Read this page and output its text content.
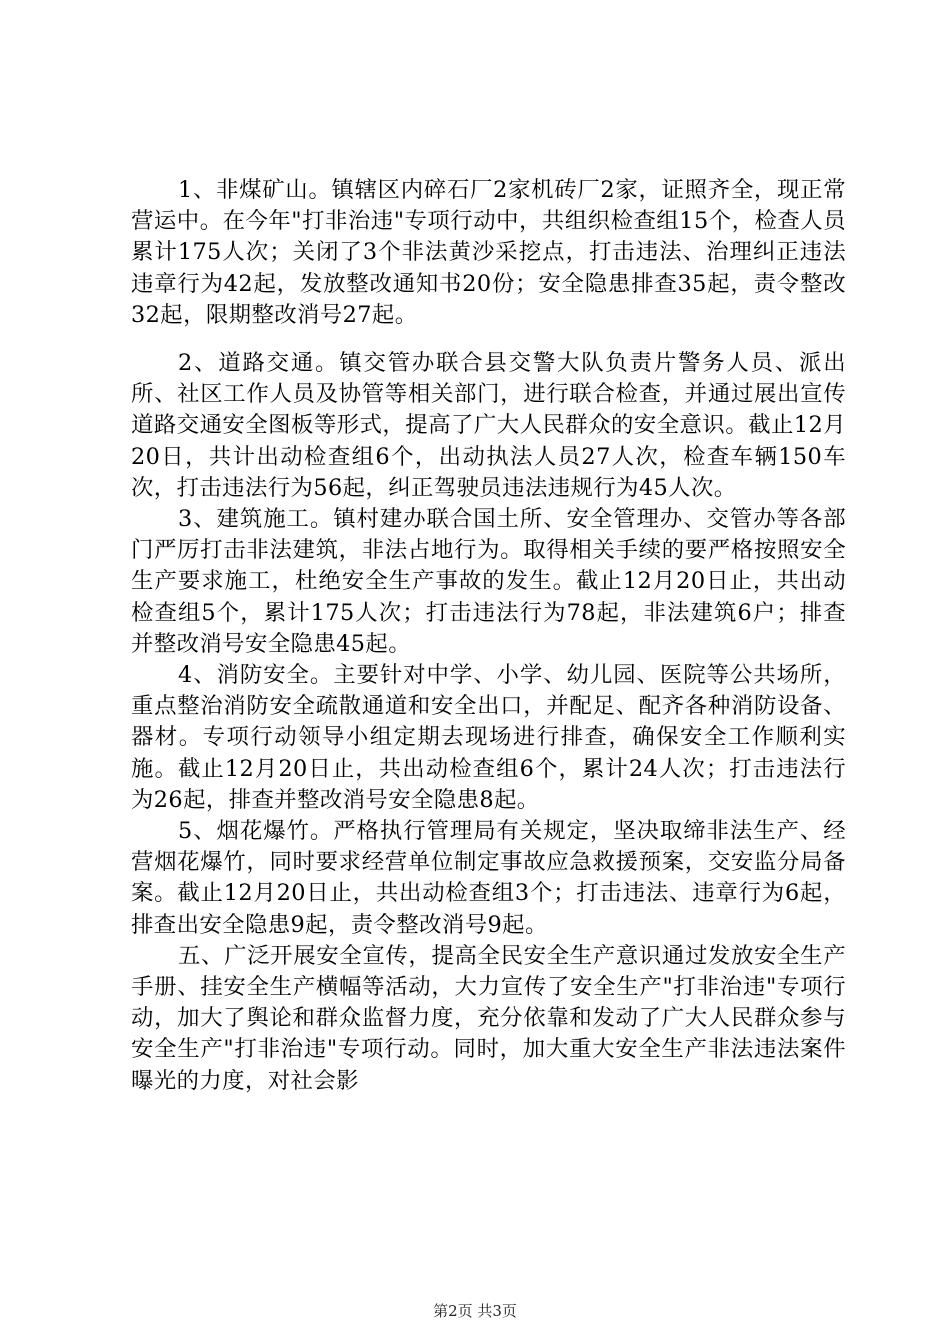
1、非煤矿山。镇辖区内碎石厂2家机砖厂2家，证照齐全，现正常营运中。在今年"打非治违"专项行动中，共组织检查组15个，检查人员累计175人次；关闭了3个非法黄沙采挖点，打击违法、治理纠正违法违章行为42起，发放整改通知书20份；安全隐患排查35起，责令整改32起，限期整改消号27起。

2、道路交通。镇交管办联合县交警大队负责片警务人员、派出所、社区工作人员及协管等相关部门，进行联合检查，并通过展出宣传道路交通安全图板等形式，提高了广大人民群众的安全意识。截止12月20日，共计出动检查组6个，出动执法人员27人次，检查车辆150车次，打击违法行为56起，纠正驾驶员违法违规行为45人次。

3、建筑施工。镇村建办联合国土所、安全管理办、交管办等各部门严厉打击非法建筑，非法占地行为。取得相关手续的要严格按照安全生产要求施工，杜绝安全生产事故的发生。截止12月20日止，共出动检查组5个，累计175人次；打击违法行为78起，非法建筑6户；排查并整改消号安全隐患45起。

4、消防安全。主要针对中学、小学、幼儿园、医院等公共场所，重点整治消防安全疏散通道和安全出口，并配足、配齐各种消防设备、器材。专项行动领导小组定期去现场进行排查，确保安全工作顺利实施。截止12月20日止，共出动检查组6个，累计24人次；打击违法行为26起，排查并整改消号安全隐患8起。

5、烟花爆竹。严格执行管理局有关规定，坚决取缔非法生产、经营烟花爆竹，同时要求经营单位制定事故应急救援预案，交安监分局备案。截止12月20日止，共出动检查组3个；打击违法、违章行为6起，排查出安全隐患9起，责令整改消号9起。

五、广泛开展安全宣传，提高全民安全生产意识通过发放安全生产手册、挂安全生产横幅等活动，大力宣传了安全生产"打非治违"专项行动，加大了舆论和群众监督力度，充分依靠和发动了广大人民群众参与安全生产"打非治违"专项行动。同时，加大重大安全生产非法违法案件曝光的力度，对社会影

第2页 共3页
